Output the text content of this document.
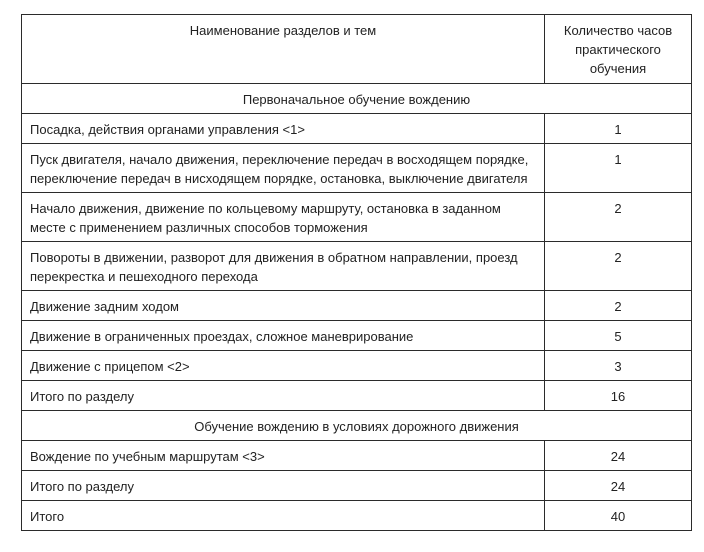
Наименование разделов и тем	Количество часов практического обучения
Первоначальное обучение вождению	
Посадка, действия органами управления <1>	1
Пуск двигателя, начало движения, переключение передач в восходящем порядке, переключение передач в нисходящем порядке, остановка, выключение двигателя	1
Начало движения, движение по кольцевому маршруту, остановка в заданном месте с применением различных способов торможения	2
Повороты в движении, разворот для движения в обратном направлении, проезд перекрестка и пешеходного перехода	2
Движение задним ходом	2
Движение в ограниченных проездах, сложное маневрирование	5
Движение с прицепом <2>	3
Итого по разделу	16
Обучение вождению в условиях дорожного движения	
Вождение по учебным маршрутам <3>	24
Итого по разделу	24
Итого	40
